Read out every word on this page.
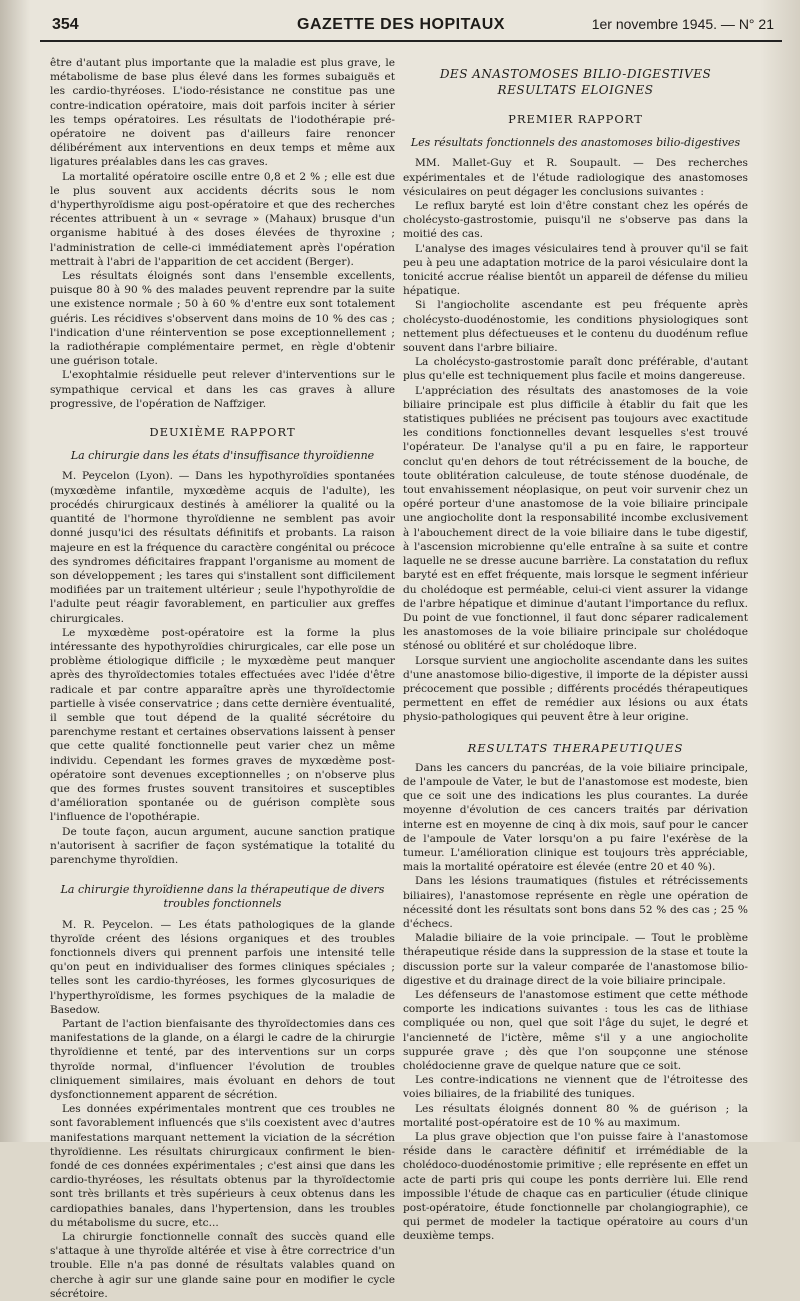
354	GAZETTE DES HOPITAUX	1er novembre 1945. — N° 21

être d'autant plus importante que la maladie est plus grave, le métabolisme de base plus élevé dans les formes subaiguës et les cardio-thyréoses. L'iodo-résistance ne constitue pas une contre-indication opératoire, mais doit parfois inciter à sérier les temps opératoires. Les résultats de l'iodothérapie pré-opératoire ne doivent pas d'ailleurs faire renoncer délibérément aux interventions en deux temps et même aux ligatures préalables dans les cas graves.

La mortalité opératoire oscille entre 0,8 et 2 % ; elle est due le plus souvent aux accidents décrits sous le nom d'hyperthyroïdisme aigu post-opératoire et que des recherches récentes attribuent à un « sevrage » (Mahaux) brusque d'un organisme habitué à des doses élevées de thyroxine ; l'administration de celle-ci immédiatement après l'opération mettrait à l'abri de l'apparition de cet accident (Berger).

Les résultats éloignés sont dans l'ensemble excellents, puisque 80 à 90 % des malades peuvent reprendre par la suite une existence normale ; 50 à 60 % d'entre eux sont totalement guéris. Les récidives s'observent dans moins de 10 % des cas ; l'indication d'une réintervention se pose exceptionnellement ; la radiothérapie complémentaire permet, en règle d'obtenir une guérison totale.

L'exophtalmie résiduelle peut relever d'interventions sur le sympathique cervical et dans les cas graves à allure progressive, de l'opération de Naffziger.

DEUXIÈME RAPPORT
La chirurgie dans les états d'insuffisance thyroïdienne

M. Peycelon (Lyon). — Dans les hypothyroïdies spontanées (myxœdème infantile, myxœdème acquis de l'adulte), les procédés chirurgicaux destinés à améliorer la qualité ou la quantité de l'hormone thyroïdienne ne semblent pas avoir donné jusqu'ici des résultats définitifs et probants. La raison majeure en est la fréquence du caractère congénital ou précoce des syndromes déficitaires frappant l'organisme au moment de son développement ; les tares qui s'installent sont difficilement modifiées par un traitement ultérieur ; seule l'hypothyroïdie de l'adulte peut réagir favorablement, en particulier aux greffes chirurgicales.

Le myxœdème post-opératoire est la forme la plus intéressante des hypothyroïdies chirurgicales, car elle pose un problème étiologique difficile ; le myxœdème peut manquer après des thyroïdectomies totales effectuées avec l'idée d'être radicale et par contre apparaître après une thyroïdectomie partielle à visée conservatrice ; dans cette dernière éventualité, il semble que tout dépend de la qualité sécrétoire du parenchyme restant et certaines observations laissent à penser que cette qualité fonctionnelle peut varier chez un même individu. Cependant les formes graves de myxœdème post-opératoire sont devenues exceptionnelles ; on n'observe plus que des formes frustes souvent transitoires et susceptibles d'amélioration spontanée ou de guérison complète sous l'influence de l'opothérapie.

De toute façon, aucun argument, aucune sanction pratique n'autorisent à sacrifier de façon systématique la totalité du parenchyme thyroïdien.

La chirurgie thyroïdienne dans la thérapeutique de divers troubles fonctionnels

M. R. Peycelon. — Les états pathologiques de la glande thyroïde créent des lésions organiques et des troubles fonctionnels divers qui prennent parfois une intensité telle qu'on peut en individualiser des formes cliniques spéciales ; telles sont les cardio-thyréoses, les formes glycosuriques de l'hyperthyroïdisme, les formes psychiques de la maladie de Basedow.

Partant de l'action bienfaisante des thyroïdectomies dans ces manifestations de la glande, on a élargi le cadre de la chirurgie thyroïdienne et tenté, par des interventions sur un corps thyroïde normal, d'influencer l'évolution de troubles cliniquement similaires, mais évoluant en dehors de tout dysfonctionnement apparent de sécrétion.

Les données expérimentales montrent que ces troubles ne sont favorablement influencés que s'ils coexistent avec d'autres manifestations marquant nettement la viciation de la sécrétion thyroïdienne. Les résultats chirurgicaux confirment le bien-fondé de ces données expérimentales ; c'est ainsi que dans les cardio-thyréoses, les résultats obtenus par la thyroïdectomie sont très brillants et très supérieurs à ceux obtenus dans les cardiopathies banales, dans l'hypertension, dans les troubles du métabolisme du sucre, etc...

La chirurgie fonctionnelle connaît des succès quand elle s'attaque à une thyroïde altérée et vise à être correctrice d'un trouble. Elle n'a pas donné de résultats valables quand on cherche à agir sur une glande saine pour en modifier le cycle sécrétoire.

DES ANASTOMOSES BILIO-DIGESTIVES RESULTATS ELOIGNES
PREMIER RAPPORT
Les résultats fonctionnels des anastomoses bilio-digestives

MM. Mallet-Guy et R. Soupault. — Des recherches expérimentales et de l'étude radiologique des anastomoses vésiculaires on peut dégager les conclusions suivantes :

Le reflux baryté est loin d'être constant chez les opérés de cholécysto-gastrostomie, puisqu'il ne s'observe pas dans la moitié des cas.

L'analyse des images vésiculaires tend à prouver qu'il se fait peu à peu une adaptation motrice de la paroi vésiculaire dont la tonicité accrue réalise bientôt un appareil de défense du milieu hépatique.

Si l'angiocholite ascendante est peu fréquente après cholécysto-duodénostomie, les conditions physiologiques sont nettement plus défectueuses et le contenu du duodénum reflue souvent dans l'arbre biliaire.

La cholécysto-gastrostomie paraît donc préférable, d'autant plus qu'elle est techniquement plus facile et moins dangereuse.

L'appréciation des résultats des anastomoses de la voie biliaire principale est plus difficile à établir du fait que les statistiques publiées ne précisent pas toujours avec exactitude les conditions fonctionnelles devant lesquelles s'est trouvé l'opérateur. De l'analyse qu'il a pu en faire, le rapporteur conclut qu'en dehors de tout rétrécissement de la bouche, de toute oblitération calculeuse, de toute sténose duodénale, de tout envahissement néoplasique, on peut voir survenir chez un opéré porteur d'une anastomose de la voie biliaire principale une angiocholite dont la responsabilité incombe exclusivement à l'abouchement direct de la voie biliaire dans le tube digestif, à l'ascension microbienne qu'elle entraîne à sa suite et contre laquelle ne se dresse aucune barrière. La constatation du reflux baryté est en effet fréquente, mais lorsque le segment inférieur du cholédoque est perméable, celui-ci vient assurer la vidange de l'arbre hépatique et diminue d'autant l'importance du reflux. Du point de vue fonctionnel, il faut donc séparer radicalement les anastomoses de la voie biliaire principale sur cholédoque sténosé ou oblitéré et sur cholédoque libre.

Lorsque survient une angiocholite ascendante dans les suites d'une anastomose bilio-digestive, il importe de la dépister aussi précocement que possible ; différents procédés thérapeutiques permettent en effet de remédier aux lésions ou aux états physio-pathologiques qui peuvent être à leur origine.

RESULTATS THERAPEUTIQUES

Dans les cancers du pancréas, de la voie biliaire principale, de l'ampoule de Vater, le but de l'anastomose est modeste, bien que ce soit une des indications les plus courantes. La durée moyenne d'évolution de ces cancers traités par dérivation interne est en moyenne de cinq à dix mois, sauf pour le cancer de l'ampoule de Vater lorsqu'on a pu faire l'exérèse de la tumeur. L'amélioration clinique est toujours très appréciable, mais la mortalité opératoire est élevée (entre 20 et 40 %).

Dans les lésions traumatiques (fistules et rétrécissements biliaires), l'anastomose représente en règle une opération de nécessité dont les résultats sont bons dans 52 % des cas ; 25 % d'échecs.

Maladie biliaire de la voie principale. — Tout le problème thérapeutique réside dans la suppression de la stase et toute la discussion porte sur la valeur comparée de l'anastomose bilio-digestive et du drainage direct de la voie biliaire principale.

Les défenseurs de l'anastomose estiment que cette méthode comporte les indications suivantes : tous les cas de lithiase compliquée ou non, quel que soit l'âge du sujet, le degré et l'ancienneté de l'ictère, même s'il y a une angiocholite suppurée grave ; dès que l'on soupçonne une sténose cholédocienne grave de quelque nature que ce soit.

Les contre-indications ne viennent que de l'étroitesse des voies biliaires, de la friabilité des tuniques.

Les résultats éloignés donnent 80 % de guérison ; la mortalité post-opératoire est de 10 % au maximum.

La plus grave objection que l'on puisse faire à l'anastomose réside dans le caractère définitif et irrémédiable de la cholédoco-duodénostomie primitive ; elle représente en effet un acte de parti pris qui coupe les ponts derrière lui. Elle rend impossible l'étude de chaque cas en particulier (étude clinique post-opératoire, étude fonctionnelle par cholangiographie), ce qui permet de modeler la tactique opératoire au cours d'un deuxième temps.
